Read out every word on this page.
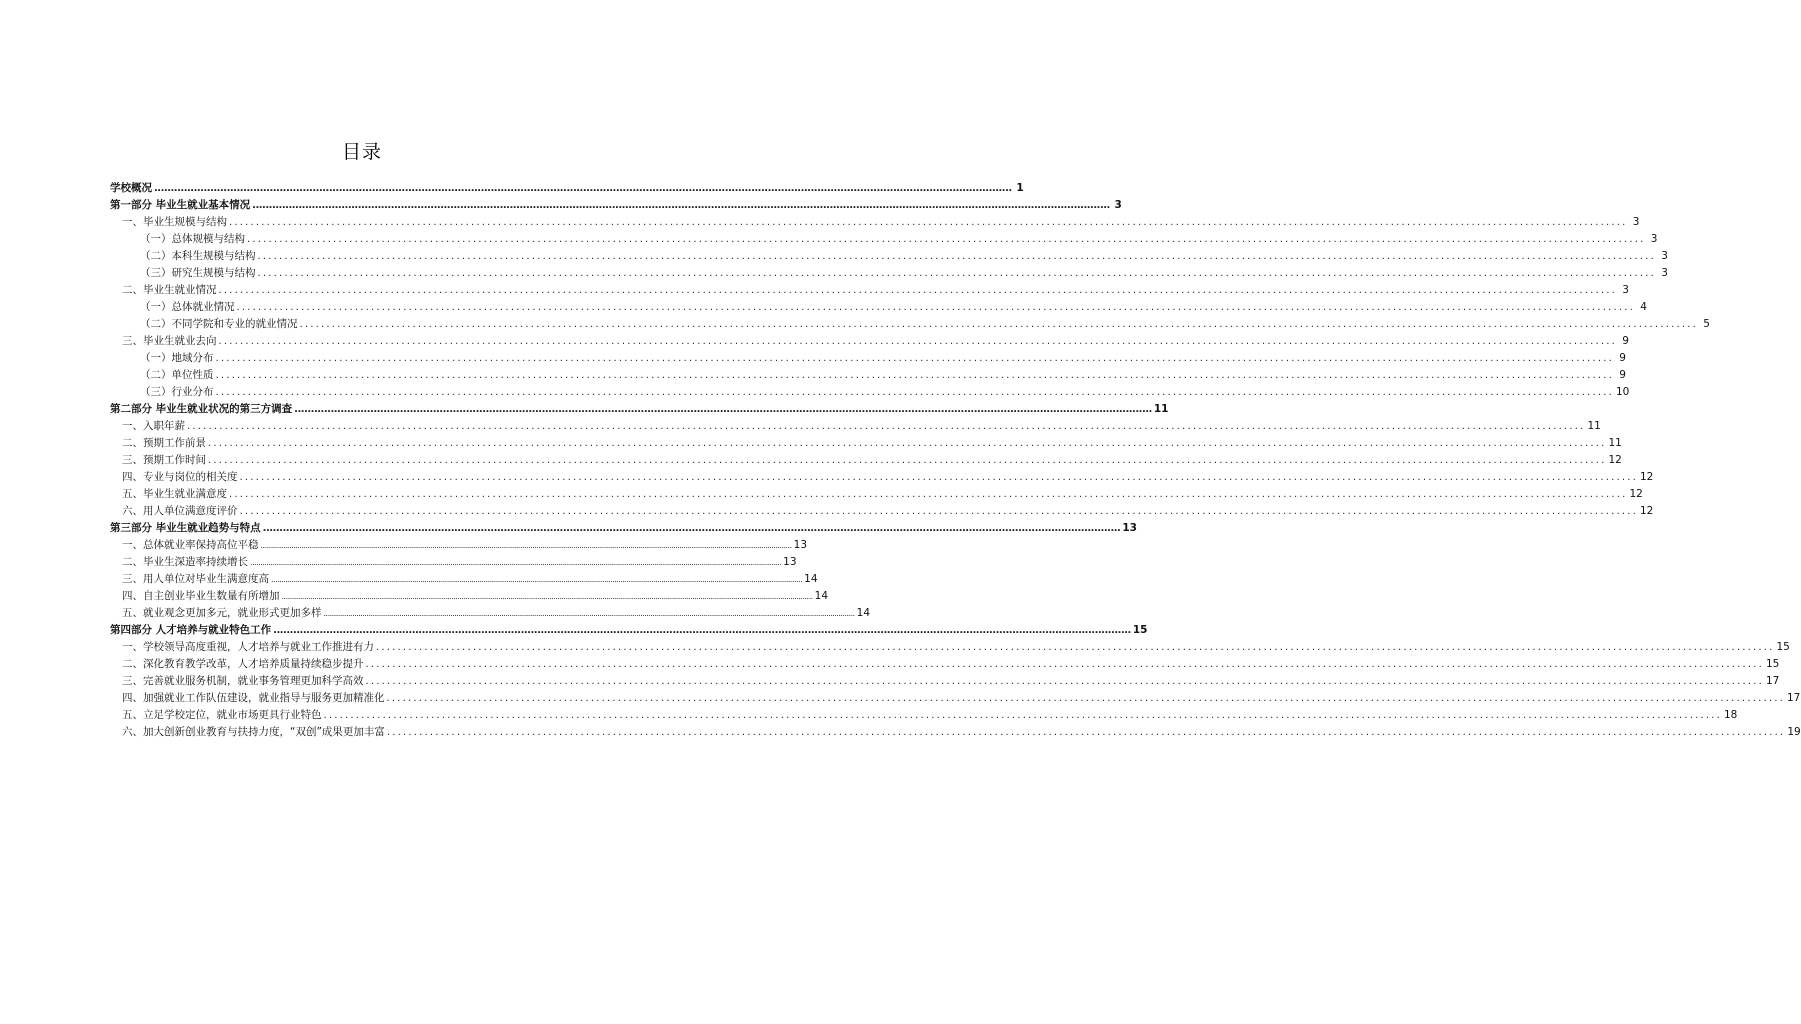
目录
学校概况 .................................................................................................................................................................................................................................................................... 1
第一部分 毕业生就业基本情况 .................................................................................................................................................................................................................................................................... 3
一、毕业生规模与结构 .................................................................................................................................................................................................................................................................... 3
（一）总体规模与结构 .................................................................................................................................................................................................................................................................... 3
（二）本科生规模与结构 .................................................................................................................................................................................................................................................................... 3
（三）研究生规模与结构 .................................................................................................................................................................................................................................................................... 3
二、毕业生就业情况 .................................................................................................................................................................................................................................................................... 3
（一）总体就业情况 .................................................................................................................................................................................................................................................................... 4
（二）不同学院和专业的就业情况 .................................................................................................................................................................................................................................................................... 5
三、毕业生就业去向 .................................................................................................................................................................................................................................................................... 9
（一）地域分布 .................................................................................................................................................................................................................................................................... 9
（二）单位性质 .................................................................................................................................................................................................................................................................... 9
（三）行业分布 .................................................................................................................................................................................................................................................................... 10
第二部分 毕业生就业状况的第三方调查 .................................................................................................................................................................................................................................................................... 11
一、入职年薪 .................................................................................................................................................................................................................................................................... 11
二、预期工作前景 .................................................................................................................................................................................................................................................................... 11
三、预期工作时间 .................................................................................................................................................................................................................................................................... 12
四、专业与岗位的相关度 .................................................................................................................................................................................................................................................................... 12
五、毕业生就业满意度 .................................................................................................................................................................................................................................................................... 12
六、用人单位满意度评价 .................................................................................................................................................................................................................................................................... 12
第三部分 毕业生就业趋势与特点 .................................................................................................................................................................................................................................................................... 13
一、总体就业率保持高位平稳 .................................................................................................................................................................................................................................................................... 13
二、毕业生深造率持续增长 .................................................................................................................................................................................................................................................................... 13
三、用人单位对毕业生满意度高 .................................................................................................................................................................................................................................................................... 14
四、自主创业毕业生数量有所增加 .................................................................................................................................................................................................................................................................... 14
五、就业观念更加多元，就业形式更加多样 .................................................................................................................................................................................................................................................................... 14
第四部分 人才培养与就业特色工作 .................................................................................................................................................................................................................................................................... 15
一、学校领导高度重视，人才培养与就业工作推进有力 .................................................................................................................................................................................................................................................................... 15
二、深化教育教学改革，人才培养质量持续稳步提升 .................................................................................................................................................................................................................................................................... 15
三、完善就业服务机制，就业事务管理更加科学高效 .................................................................................................................................................................................................................................................................... 17
四、加强就业工作队伍建设，就业指导与服务更加精准化 .................................................................................................................................................................................................................................................................... 17
五、立足学校定位，就业市场更具行业特色 .................................................................................................................................................................................................................................................................... 18
六、加大创新创业教育与扶持力度，“双创”成果更加丰富 .................................................................................................................................................................................................................................................................... 19
